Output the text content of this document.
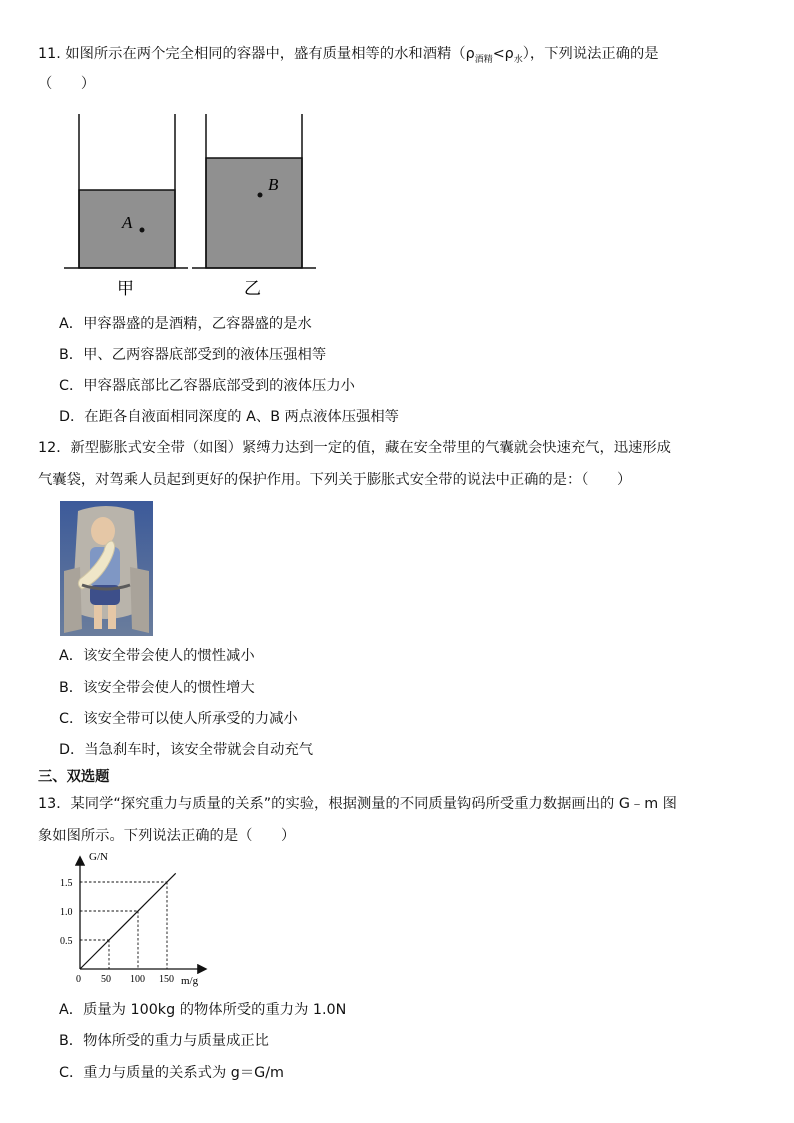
11. 如图所示在两个完全相同的容器中，盛有质量相等的水和酒精$(\rho_{酒精}<\rho_水)$，下列说法正确的是
（　　）
A
B
甲	乙
A．甲容器盛的是酒精，乙容器盛的是水
B．甲、乙两容器底部受到的液体压强相等
C．甲容器底部比乙容器底部受到的液体压力小
D．在距各自液面相同深度的 A、B 两点液体压强相等
12．新型膨胀式安全带（如图）紧缚力达到一定的值，藏在安全带里的气囊就会快速充气，迅速形成
气囊袋，对驾乘人员起到更好的保护作用。下列关于膨胀式安全带的说法中正确的是：（　　）
A．该安全带会使人的惯性减小
B．该安全带会使人的惯性增大
C．该安全带可以使人所承受的力减小
D．当急刹车时，该安全带就会自动充气
三、双选题
13．某同学“探究重力与质量的关系”的实验，根据测量的不同质量钩码所受重力数据画出的 G﹣m 图
象如图所示。下列说法正确的是（　　）
0 50 100 150
0.5
1.0
1.5
G/N
m/g
A．质量为 100kg 的物体所受的重力为 1.0N
B．物体所受的重力与质量成正比
C．重力与质量的关系式为 g＝G/m
